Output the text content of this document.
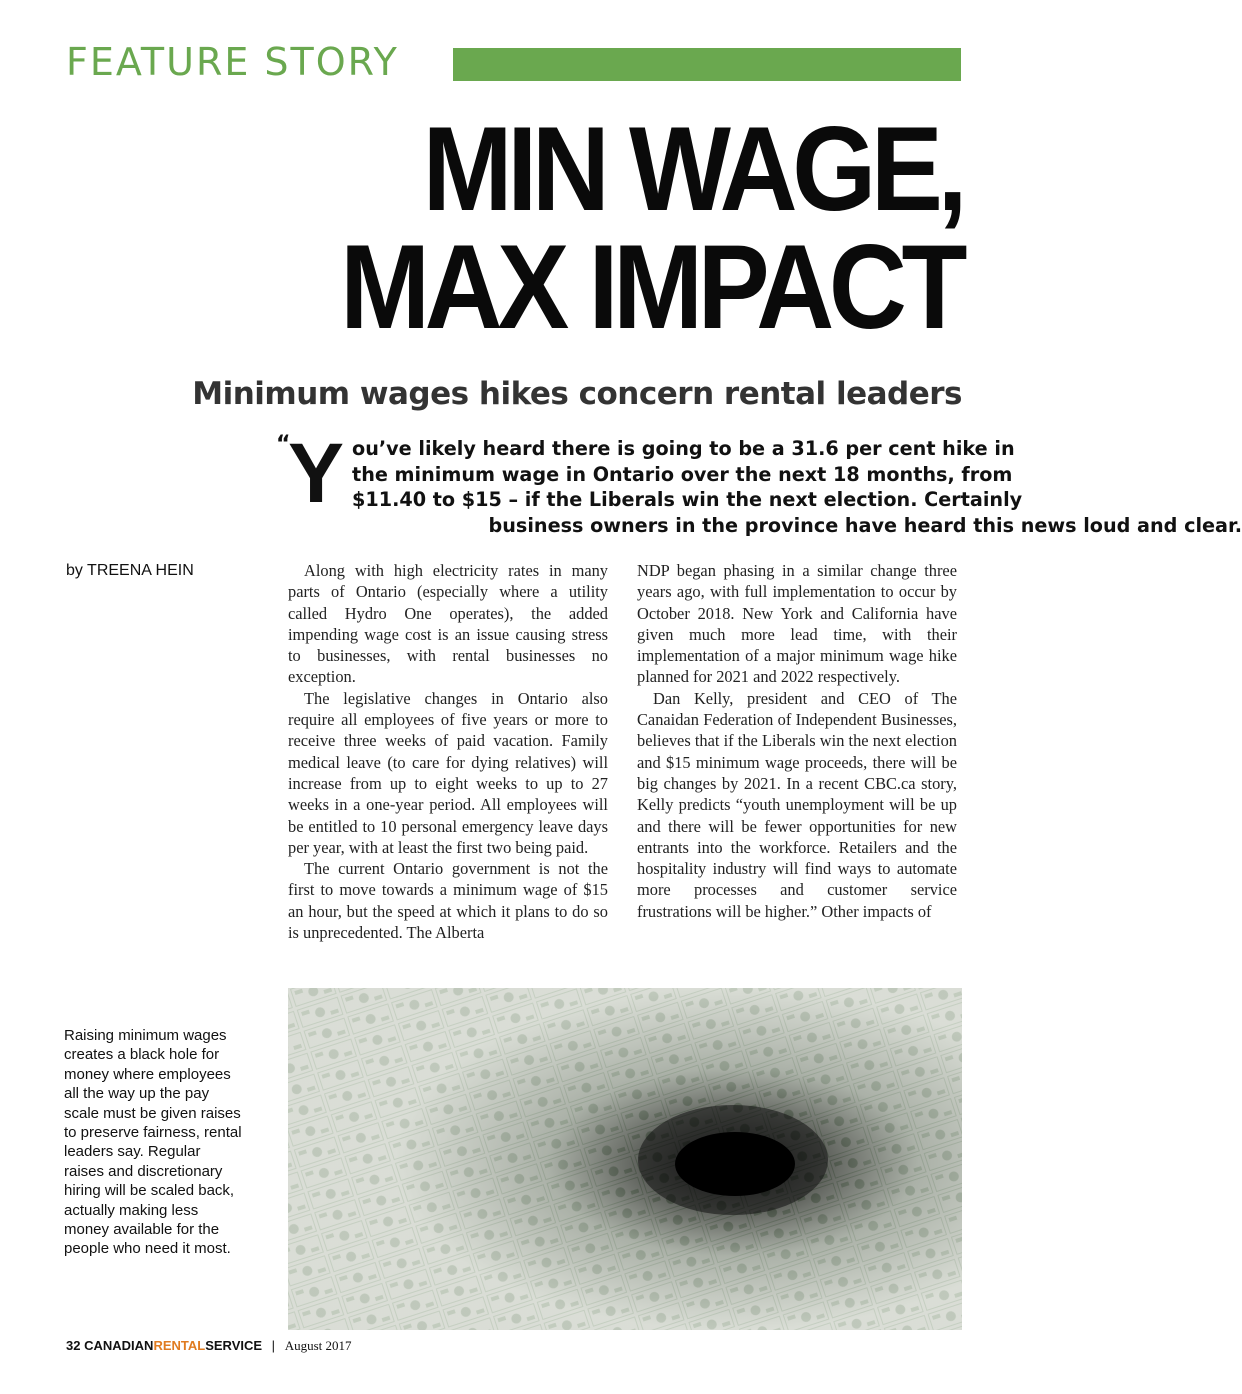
FEATURE STORY
MIN WAGE,
MAX IMPACT
Minimum wages hikes concern rental leaders
“
Y ou’ve likely heard there is going to be a 31.6 per cent hike in
the minimum wage in Ontario over the next 18 months, from
$11.40 to $15 – if the Liberals win the next election. Certainly
business owners in the province have heard this news loud and clear.
by TREENA HEIN	Along with high electricity rates in many parts of Ontario (especially where a utility called Hydro One operates), the added impending wage cost is an issue causing stress to businesses, with rental businesses no exception.

The legislative changes in Ontario also require all employees of five years or more to receive three weeks of paid vacation. Family medical leave (to care for dying relatives) will increase from up to eight weeks to up to 27 weeks in a one-year period. All employees will be entitled to 10 personal emergency leave days per year, with at least the first two being paid.

The current Ontario government is not the first to move towards a minimum wage of $15 an hour, but the speed at which it plans to do so is unprecedented. The Alberta

NDP began phasing in a similar change three years ago, with full implementation to occur by October 2018. New York and California have given much more lead time, with their implementation of a major minimum wage hike planned for 2021 and 2022 respectively.

Dan Kelly, president and CEO of The Canaidan Federation of Independent Businesses, believes that if the Liberals win the next election and $15 minimum wage proceeds, there will be big changes by 2021. In a recent CBC.ca story, Kelly predicts “youth unemployment will be up and there will be fewer opportunities for new entrants into the workforce. Retailers and the hospitality industry will find ways to automate more processes and customer service frustrations will be higher.” Other impacts of

Raising minimum wages creates a black hole for money where employees all the way up the pay scale must be given raises to preserve fairness, rental leaders say. Regular raises and discretionary hiring will be scaled back, actually making less money available for the people who need it most.
32 CANADIANRENTALSERVICE | August 2017
